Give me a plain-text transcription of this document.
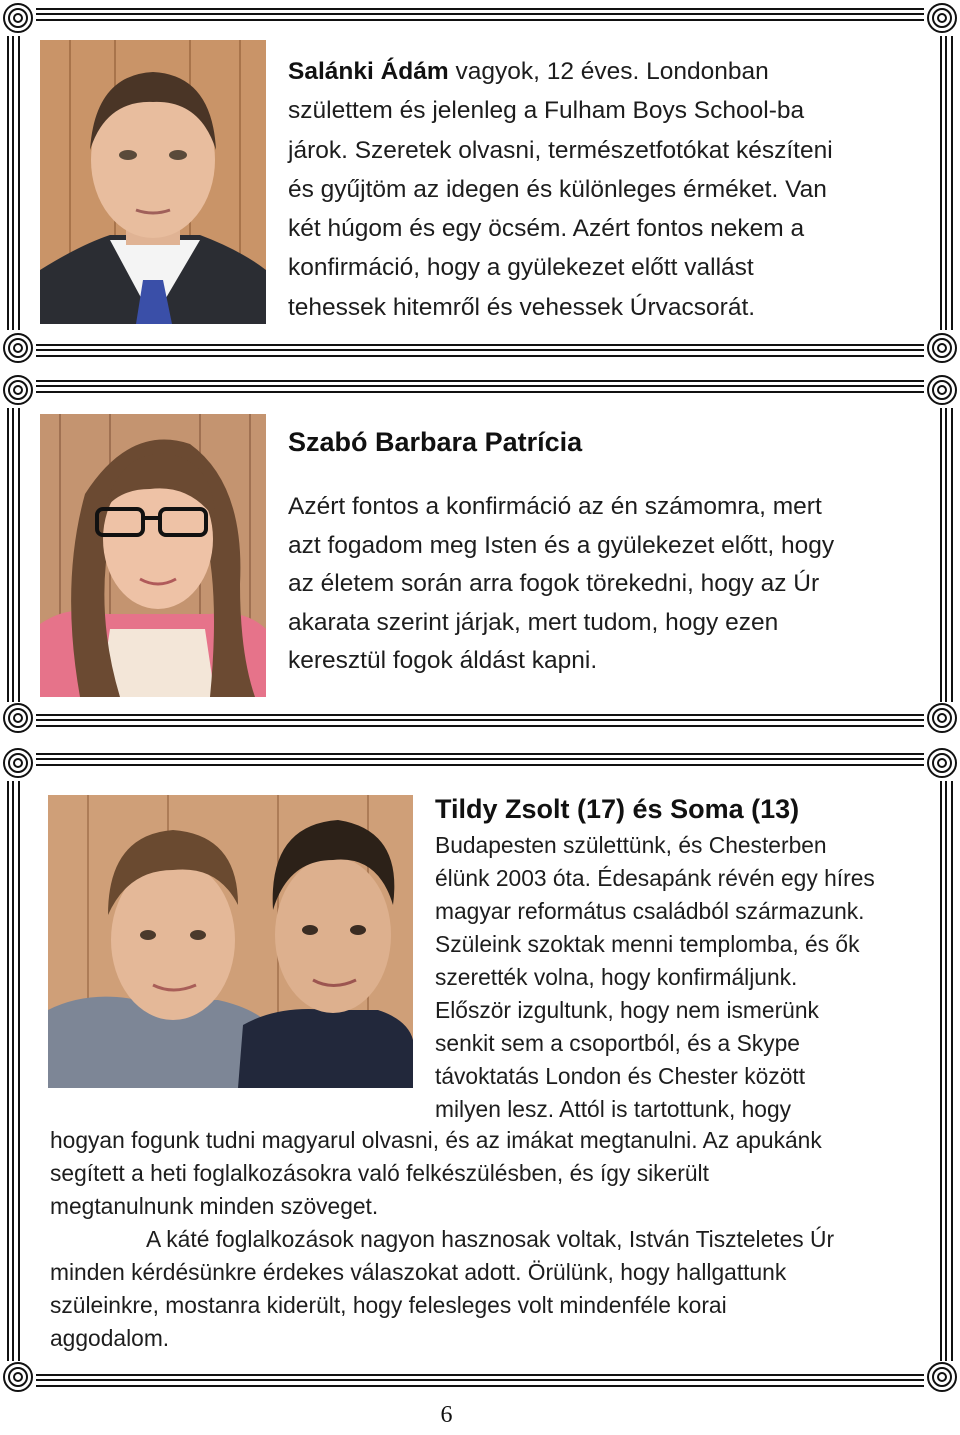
Salánki Ádám vagyok, 12 éves. Londonban
születtem és jelenleg a Fulham Boys School-ba
járok. Szeretek olvasni, természetfotókat készíteni
és gyűjtöm az idegen és különleges érméket. Van
két húgom és egy öcsém. Azért fontos nekem a
konfirmáció, hogy a gyülekezet előtt vallást
tehessek hitemről és vehessek Úrvacsorát.
Szabó Barbara Patrícia
Azért fontos a konfirmáció az én számomra, mert
azt fogadom meg Isten és a gyülekezet előtt, hogy
az életem során arra fogok törekedni, hogy az Úr
akarata szerint járjak, mert tudom, hogy ezen
keresztül fogok áldást kapni.
Tildy Zsolt (17) és Soma (13)
Budapesten születtünk, és Chesterben
élünk 2003 óta. Édesapánk révén egy híres
magyar református családból származunk.
Szüleink szoktak menni templomba, és ők
szerették volna, hogy konfirmáljunk.
Először izgultunk, hogy nem ismerünk
senkit sem a csoportból, és a Skype
távoktatás London és Chester között
milyen lesz. Attól is tartottunk, hogy
hogyan fogunk tudni magyarul olvasni, és az imákat megtanulni. Az apukánk
segített a heti foglalkozásokra való felkészülésben, és így sikerült
megtanulnunk minden szöveget.
A káté foglalkozások nagyon hasznosak voltak, István Tiszteletes Úr
minden kérdésünkre érdekes válaszokat adott. Örülünk, hogy hallgattunk
szüleinkre, mostanra kiderült, hogy felesleges volt mindenféle korai
aggodalom.
6
